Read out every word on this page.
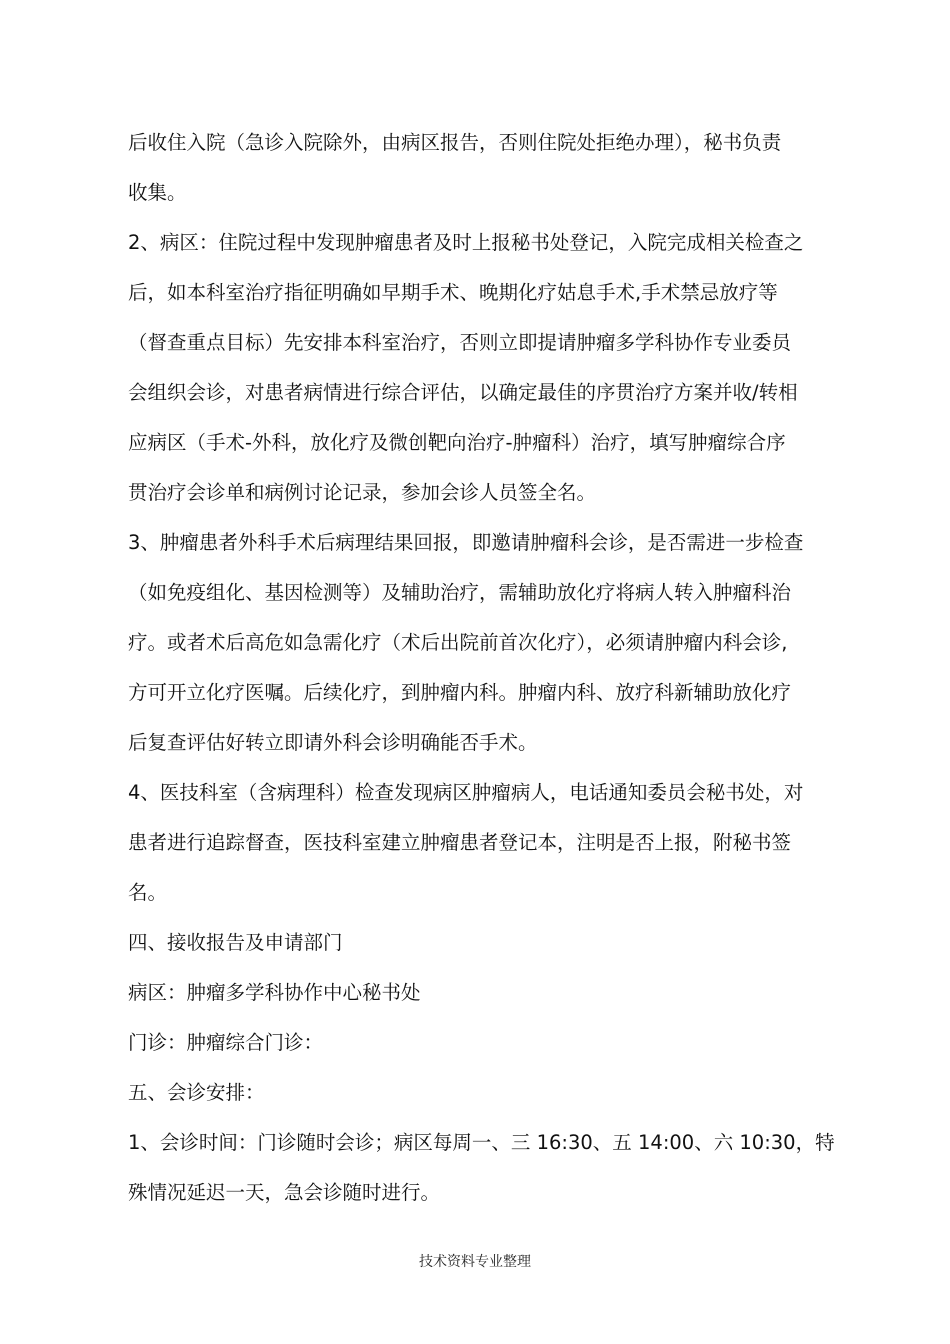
后收住入院（急诊入院除外，由病区报告，否则住院处拒绝办理），秘书负责
收集。
2、病区：住院过程中发现肿瘤患者及时上报秘书处登记，入院完成相关检查之
后，如本科室治疗指征明确如早期手术、晚期化疗姑息手术,手术禁忌放疗等
（督查重点目标）先安排本科室治疗，否则立即提请肿瘤多学科协作专业委员
会组织会诊，对患者病情进行综合评估，以确定最佳的序贯治疗方案并收/转相
应病区（手术-外科，放化疗及微创靶向治疗-肿瘤科）治疗，填写肿瘤综合序
贯治疗会诊单和病例讨论记录，参加会诊人员签全名。
3、肿瘤患者外科手术后病理结果回报，即邀请肿瘤科会诊，是否需进一步检查
（如免疫组化、基因检测等）及辅助治疗，需辅助放化疗将病人转入肿瘤科治
疗。或者术后高危如急需化疗（术后出院前首次化疗），必须请肿瘤内科会诊,
方可开立化疗医嘱。后续化疗，到肿瘤内科。肿瘤内科、放疗科新辅助放化疗
后复查评估好转立即请外科会诊明确能否手术。
4、医技科室（含病理科）检查发现病区肿瘤病人，电话通知委员会秘书处，对
患者进行追踪督查，医技科室建立肿瘤患者登记本，注明是否上报，附秘书签
名。
四、接收报告及申请部门
病区：肿瘤多学科协作中心秘书处
门诊：肿瘤综合门诊：
五、会诊安排：
1、会诊时间：门诊随时会诊；病区每周一、三 16:30、五 14:00、六 10:30，特
殊情况延迟一天，急会诊随时进行。
技术资料专业整理
